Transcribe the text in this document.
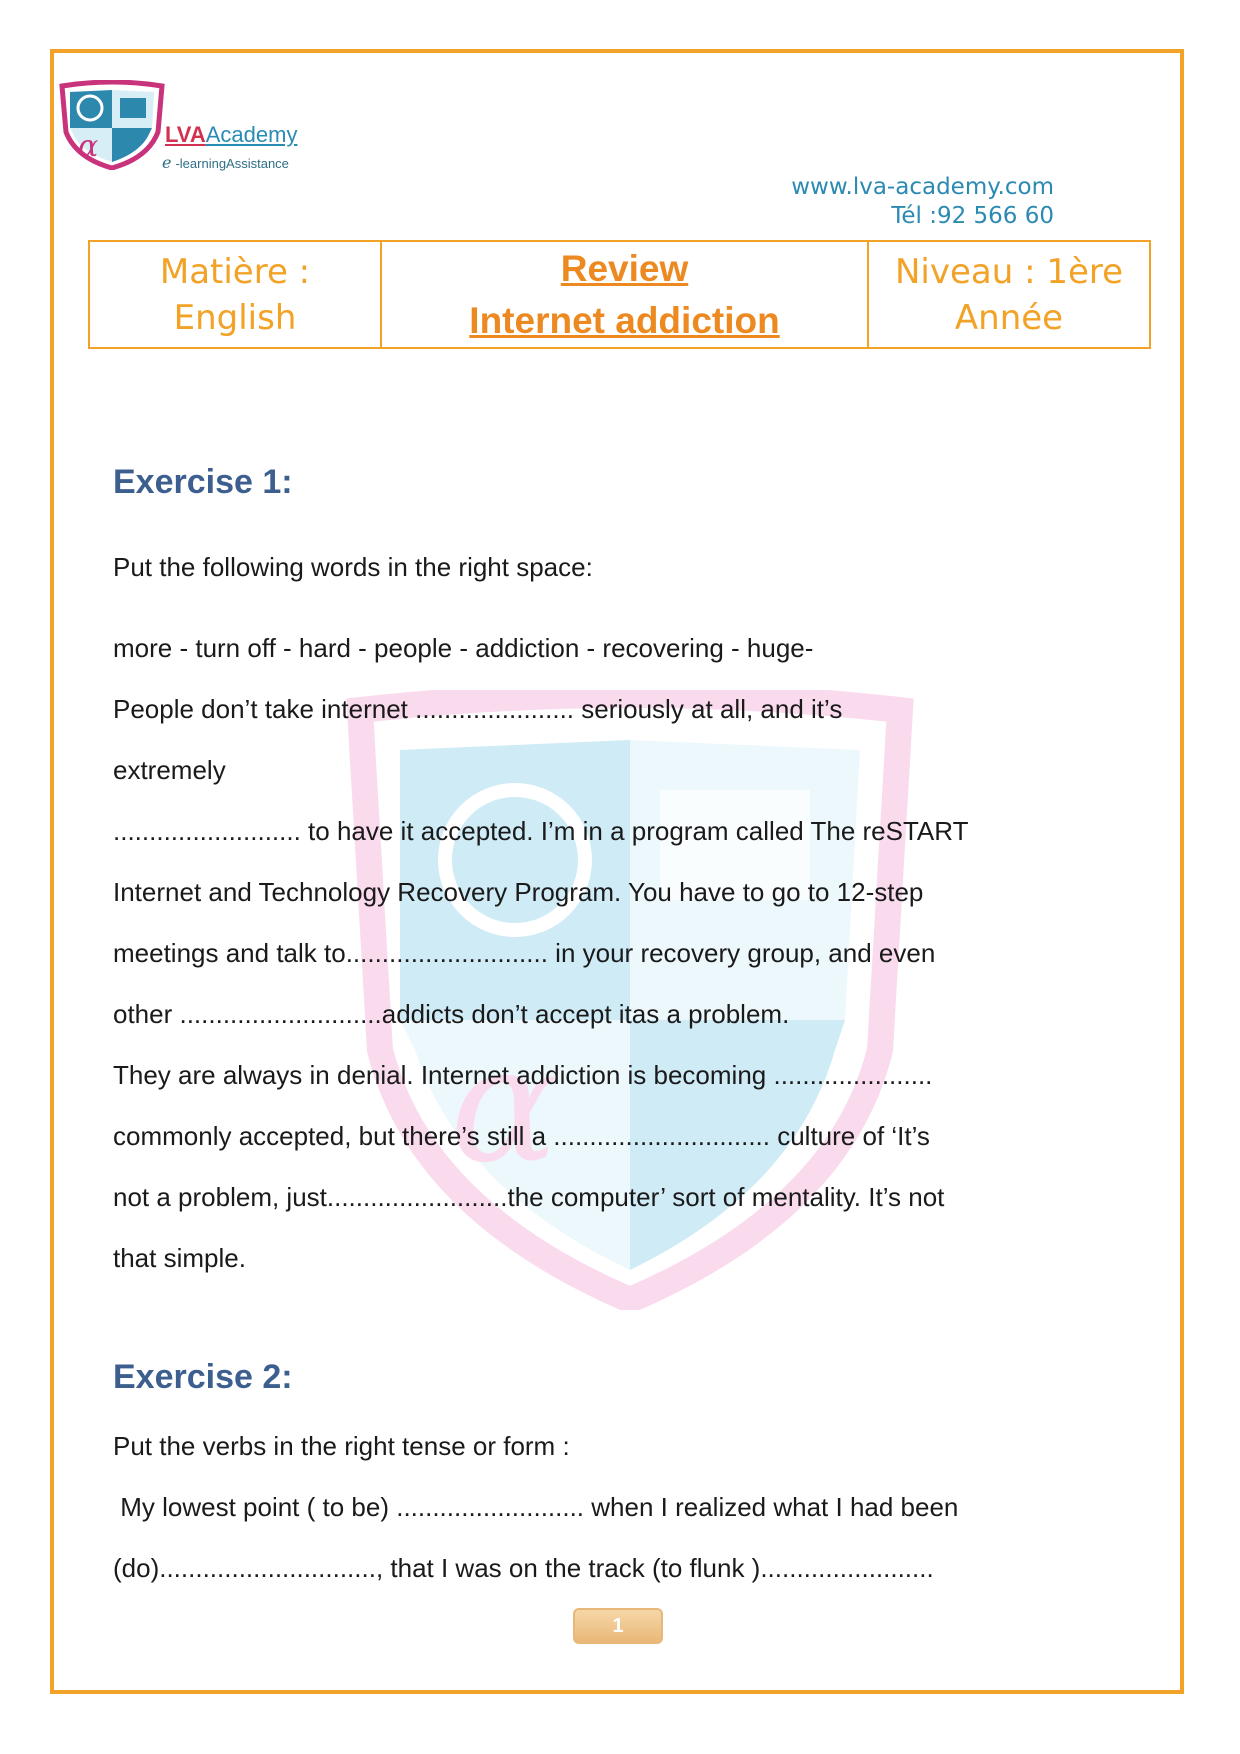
α
α	LVAAcademy
e -learningAssistance
www.lva-academy.com
Tél :92 566 60
Matière :
English
Review
Internet addiction
Niveau : 1ère
Année
Exercise 1:
Put the following words in the right space:
more - turn off - hard - people - addiction - recovering - huge-
People don’t take internet ...................... seriously at all, and it’s
extremely
.......................... to have it accepted. I’m in a program called The reSTART
Internet and Technology Recovery Program. You have to go to 12-step
meetings and talk to............................ in your recovery group, and even
other ............................addicts don’t accept itas a problem.
They are always in denial. Internet addiction is becoming ......................
commonly accepted, but there’s still a .............................. culture of ‘It’s
not a problem, just.........................the computer’ sort of mentality. It’s not
that simple.
Exercise 2:
Put the verbs in the right tense or form :
My lowest point ( to be) .......................... when I realized what I had been
(do).............................., that I was on the track (to flunk )........................
1
